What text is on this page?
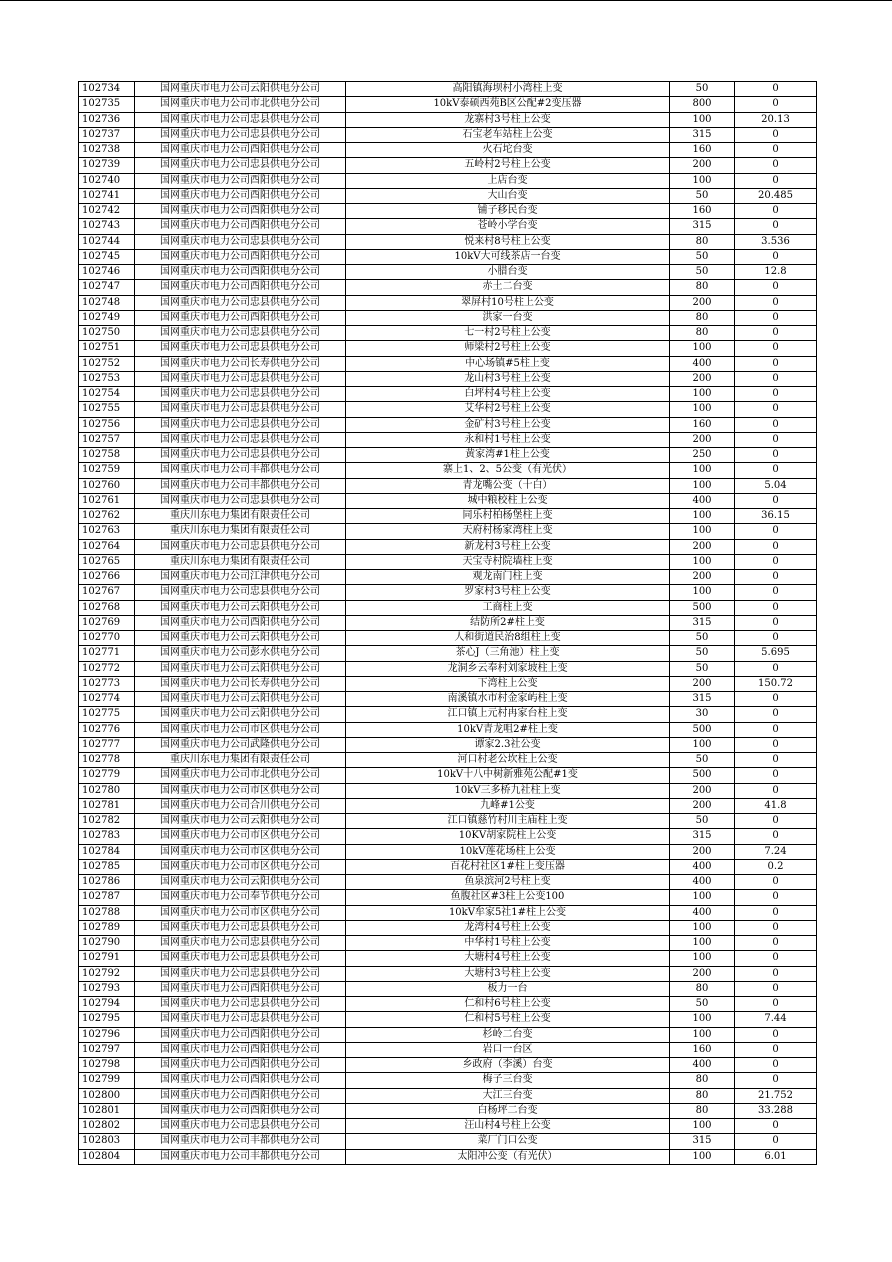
102734	国网重庆市电力公司云阳供电分公司	高阳镇海坝村小湾柱上变	50	0
102735	国网重庆市电力公司市北供电分公司	10kV泰硕西苑B区公配#2变压器	800	0
102736	国网重庆市电力公司忠县供电分公司	龙寨村3号柱上公变	100	20.13
102737	国网重庆市电力公司忠县供电分公司	石宝老车站柱上公变	315	0
102738	国网重庆市电力公司酉阳供电分公司	火石坨台变	160	0
102739	国网重庆市电力公司忠县供电分公司	五岭村2号柱上公变	200	0
102740	国网重庆市电力公司酉阳供电分公司	上店台变	100	0
102741	国网重庆市电力公司酉阳供电分公司	大山台变	50	20.485
102742	国网重庆市电力公司酉阳供电分公司	铺子移民台变	160	0
102743	国网重庆市电力公司酉阳供电分公司	苍岭小学台变	315	0
102744	国网重庆市电力公司忠县供电分公司	悦来村8号柱上公变	80	3.536
102745	国网重庆市电力公司酉阳供电分公司	10kV大可线茶店一台变	50	0
102746	国网重庆市电力公司酉阳供电分公司	小腊台变	50	12.8
102747	国网重庆市电力公司酉阳供电分公司	赤土二台变	80	0
102748	国网重庆市电力公司忠县供电分公司	翠屏村10号柱上公变	200	0
102749	国网重庆市电力公司酉阳供电分公司	洪家一台变	80	0
102750	国网重庆市电力公司忠县供电分公司	七一村2号柱上公变	80	0
102751	国网重庆市电力公司忠县供电分公司	师梁村2号柱上公变	100	0
102752	国网重庆市电力公司长寿供电分公司	中心场镇#5柱上变	400	0
102753	国网重庆市电力公司忠县供电分公司	龙山村3号柱上公变	200	0
102754	国网重庆市电力公司忠县供电分公司	白坪村4号柱上公变	100	0
102755	国网重庆市电力公司忠县供电分公司	艾华村2号柱上公变	100	0
102756	国网重庆市电力公司忠县供电分公司	金矿村3号柱上公变	160	0
102757	国网重庆市电力公司忠县供电分公司	永和村1号柱上公变	200	0
102758	国网重庆市电力公司忠县供电分公司	黄家湾#1柱上公变	250	0
102759	国网重庆市电力公司丰都供电分公司	寨上1、2、5公变（有光伏）	100	0
102760	国网重庆市电力公司丰都供电分公司	青龙嘴公变（十白）	100	5.04
102761	国网重庆市电力公司忠县供电分公司	城中粮校柱上公变	400	0
102762	重庆川东电力集团有限责任公司	同乐村柏杨堡柱上变	100	36.15
102763	重庆川东电力集团有限责任公司	天府村杨家湾柱上变	100	0
102764	国网重庆市电力公司忠县供电分公司	新龙村3号柱上公变	200	0
102765	重庆川东电力集团有限责任公司	天宝寺村院墙柱上变	100	0
102766	国网重庆市电力公司江津供电分公司	观龙南门柱上变	200	0
102767	国网重庆市电力公司忠县供电分公司	罗家村3号柱上公变	100	0
102768	国网重庆市电力公司云阳供电分公司	工商柱上变	500	0
102769	国网重庆市电力公司酉阳供电分公司	结防所2#柱上变	315	0
102770	国网重庆市电力公司云阳供电分公司	人和街道民治8组柱上变	50	0
102771	国网重庆市电力公司彭水供电分公司	茶心J（三角池）柱上变	50	5.695
102772	国网重庆市电力公司云阳供电分公司	龙洞乡云奉村刘家坡柱上变	50	0
102773	国网重庆市电力公司长寿供电分公司	下湾柱上公变	200	150.72
102774	国网重庆市电力公司云阳供电分公司	南溪镇水市村金家屿柱上变	315	0
102775	国网重庆市电力公司云阳供电分公司	江口镇上元村冉家台柱上变	30	0
102776	国网重庆市电力公司市区供电分公司	10kV青龙咀2#柱上变	500	0
102777	国网重庆市电力公司武隆供电分公司	谭家2.3社公变	100	0
102778	重庆川东电力集团有限责任公司	河口村老公坎柱上公变	50	0
102779	国网重庆市电力公司市北供电分公司	10kV十八中树新雅苑公配#1变	500	0
102780	国网重庆市电力公司市区供电分公司	10kV三多桥九社柱上变	200	0
102781	国网重庆市电力公司合川供电分公司	九峰#1公变	200	41.8
102782	国网重庆市电力公司云阳供电分公司	江口镇慈竹村川主庙柱上变	50	0
102783	国网重庆市电力公司市区供电分公司	10KV胡家院柱上公变	315	0
102784	国网重庆市电力公司市区供电分公司	10kV莲花场柱上公变	200	7.24
102785	国网重庆市电力公司市区供电分公司	百花村社区1#柱上变压器	400	0.2
102786	国网重庆市电力公司云阳供电分公司	鱼泉滨河2号柱上变	400	0
102787	国网重庆市电力公司奉节供电分公司	鱼腹社区#3柱上公变100	100	0
102788	国网重庆市电力公司市区供电分公司	10kV牟家5社1#柱上公变	400	0
102789	国网重庆市电力公司忠县供电分公司	龙湾村4号柱上公变	100	0
102790	国网重庆市电力公司忠县供电分公司	中华村1号柱上公变	100	0
102791	国网重庆市电力公司忠县供电分公司	大塘村4号柱上公变	100	0
102792	国网重庆市电力公司忠县供电分公司	大塘村3号柱上公变	200	0
102793	国网重庆市电力公司酉阳供电分公司	板力一台	80	0
102794	国网重庆市电力公司忠县供电分公司	仁和村6号柱上公变	50	0
102795	国网重庆市电力公司忠县供电分公司	仁和村5号柱上公变	100	7.44
102796	国网重庆市电力公司酉阳供电分公司	杉岭二台变	100	0
102797	国网重庆市电力公司酉阳供电分公司	岩口一台区	160	0
102798	国网重庆市电力公司酉阳供电分公司	乡政府（李溪）台变	400	0
102799	国网重庆市电力公司酉阳供电分公司	梅子三台变	80	0
102800	国网重庆市电力公司酉阳供电分公司	大江三台变	80	21.752
102801	国网重庆市电力公司酉阳供电分公司	白杨坪二台变	80	33.288
102802	国网重庆市电力公司忠县供电分公司	汪山村4号柱上公变	100	0
102803	国网重庆市电力公司丰都供电分公司	菜厂门口公变	315	0
102804	国网重庆市电力公司丰都供电分公司	太阳冲公变（有光伏）	100	6.01
